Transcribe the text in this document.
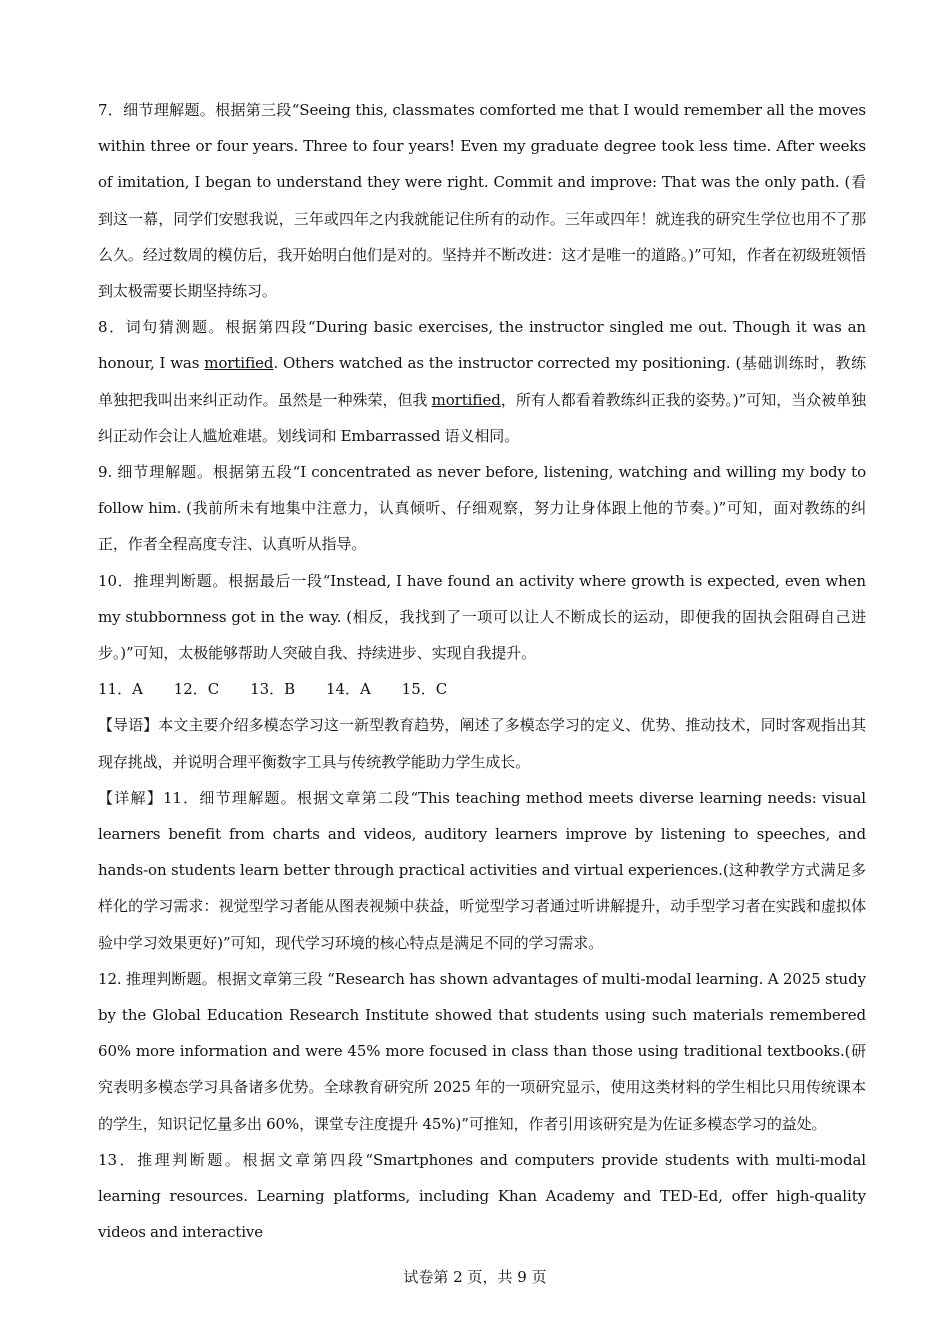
7．细节理解题。根据第三段“Seeing this, classmates comforted me that I would remember all the moves within three or four years. Three to four years! Even my graduate degree took less time. After weeks of imitation, I began to understand they were right. Commit and improve: That was the only path. (看到这一幕，同学们安慰我说，三年或四年之内我就能记住所有的动作。三年或四年！就连我的研究生学位也用不了那么久。经过数周的模仿后，我开始明白他们是对的。坚持并不断改进：这才是唯一的道路。)”可知，作者在初级班领悟到太极需要长期坚持练习。

8．词句猜测题。根据第四段“During basic exercises, the instructor singled me out. Though it was an honour, I was mortified. Others watched as the instructor corrected my positioning. (基础训练时，教练单独把我叫出来纠正动作。虽然是一种殊荣，但我 mortified，所有人都看着教练纠正我的姿势。)”可知，当众被单独纠正动作会让人尴尬难堪。划线词和 Embarrassed 语义相同。

9. 细节理解题。根据第五段“I concentrated as never before, listening, watching and willing my body to follow him. (我前所未有地集中注意力，认真倾听、仔细观察，努力让身体跟上他的节奏。)”可知，面对教练的纠正，作者全程高度专注、认真听从指导。

10．推理判断题。根据最后一段“Instead, I have found an activity where growth is expected, even when my stubbornness got in the way. (相反，我找到了一项可以让人不断成长的运动，即便我的固执会阻碍自己进步。)”可知，太极能够帮助人突破自我、持续进步、实现自我提升。

11．A 12．C 13．B 14．A 15．C

【导语】本文主要介绍多模态学习这一新型教育趋势，阐述了多模态学习的定义、优势、推动技术，同时客观指出其现存挑战，并说明合理平衡数字工具与传统教学能助力学生成长。

【详解】11．细节理解题。根据文章第二段“This teaching method meets diverse learning needs: visual learners benefit from charts and videos, auditory learners improve by listening to speeches, and hands-on students learn better through practical activities and virtual experiences.(这种教学方式满足多样化的学习需求：视觉型学习者能从图表视频中获益，听觉型学习者通过听讲解提升，动手型学习者在实践和虚拟体验中学习效果更好)”可知，现代学习环境的核心特点是满足不同的学习需求。

12. 推理判断题。根据文章第三段 “Research has shown advantages of multi-modal learning. A 2025 study by the Global Education Research Institute showed that students using such materials remembered 60% more information and were 45% more focused in class than those using traditional textbooks.(研究表明多模态学习具备诸多优势。全球教育研究所 2025 年的一项研究显示，使用这类材料的学生相比只用传统课本的学生，知识记忆量多出 60%，课堂专注度提升 45%)”可推知，作者引用该研究是为佐证多模态学习的益处。

13．推理判断题。根据文章第四段“Smartphones and computers provide students with multi-modal learning resources. Learning platforms, including Khan Academy and TED-Ed, offer high-quality videos and interactive

试卷第 2 页，共 9 页
